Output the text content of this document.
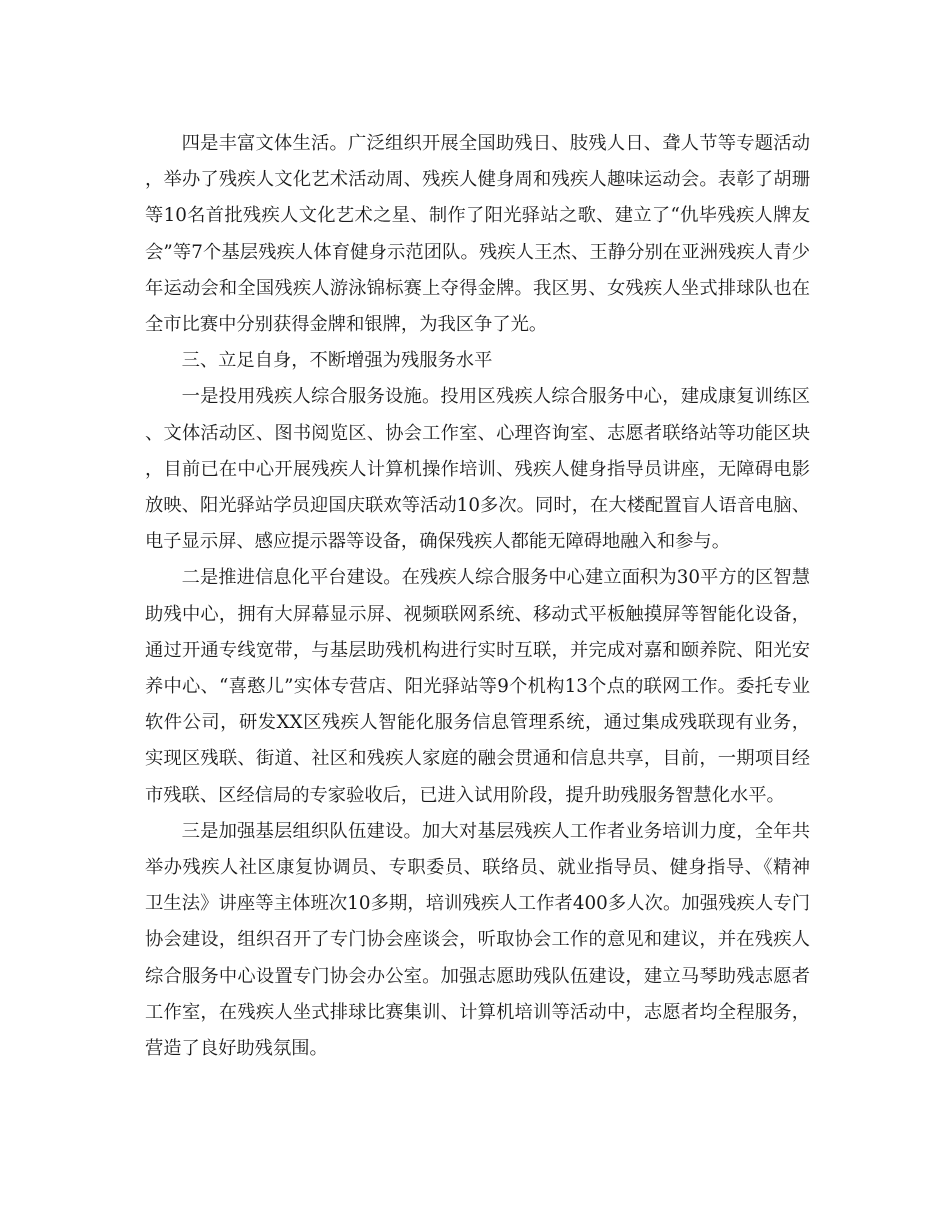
四是丰富文体生活。广泛组织开展全国助残日、肢残人日、聋人节等专题活动，举办了残疾人文化艺术活动周、残疾人健身周和残疾人趣味运动会。表彰了胡珊等10名首批残疾人文化艺术之星、制作了阳光驿站之歌、建立了“仇毕残疾人牌友会”等7个基层残疾人体育健身示范团队。残疾人王杰、王静分别在亚洲残疾人青少年运动会和全国残疾人游泳锦标赛上夺得金牌。我区男、女残疾人坐式排球队也在全市比赛中分别获得金牌和银牌，为我区争了光。

三、立足自身，不断增强为残服务水平

一是投用残疾人综合服务设施。投用区残疾人综合服务中心，建成康复训练区、文体活动区、图书阅览区、协会工作室、心理咨询室、志愿者联络站等功能区块，目前已在中心开展残疾人计算机操作培训、残疾人健身指导员讲座，无障碍电影放映、阳光驿站学员迎国庆联欢等活动10多次。同时，在大楼配置盲人语音电脑、电子显示屏、感应提示器等设备，确保残疾人都能无障碍地融入和参与。

二是推进信息化平台建设。在残疾人综合服务中心建立面积为30平方的区智慧助残中心，拥有大屏幕显示屏、视频联网系统、移动式平板触摸屏等智能化设备，通过开通专线宽带，与基层助残机构进行实时互联，并完成对嘉和颐养院、阳光安养中心、“喜憨儿”实体专营店、阳光驿站等9个机构13个点的联网工作。委托专业软件公司，研发XX区残疾人智能化服务信息管理系统，通过集成残联现有业务，实现区残联、街道、社区和残疾人家庭的融会贯通和信息共享，目前，一期项目经市残联、区经信局的专家验收后，已进入试用阶段，提升助残服务智慧化水平。

三是加强基层组织队伍建设。加大对基层残疾人工作者业务培训力度，全年共举办残疾人社区康复协调员、专职委员、联络员、就业指导员、健身指导、《精神卫生法》讲座等主体班次10多期，培训残疾人工作者400多人次。加强残疾人专门协会建设，组织召开了专门协会座谈会，听取协会工作的意见和建议，并在残疾人综合服务中心设置专门协会办公室。加强志愿助残队伍建设，建立马琴助残志愿者工作室，在残疾人坐式排球比赛集训、计算机培训等活动中，志愿者均全程服务，营造了良好助残氛围。
